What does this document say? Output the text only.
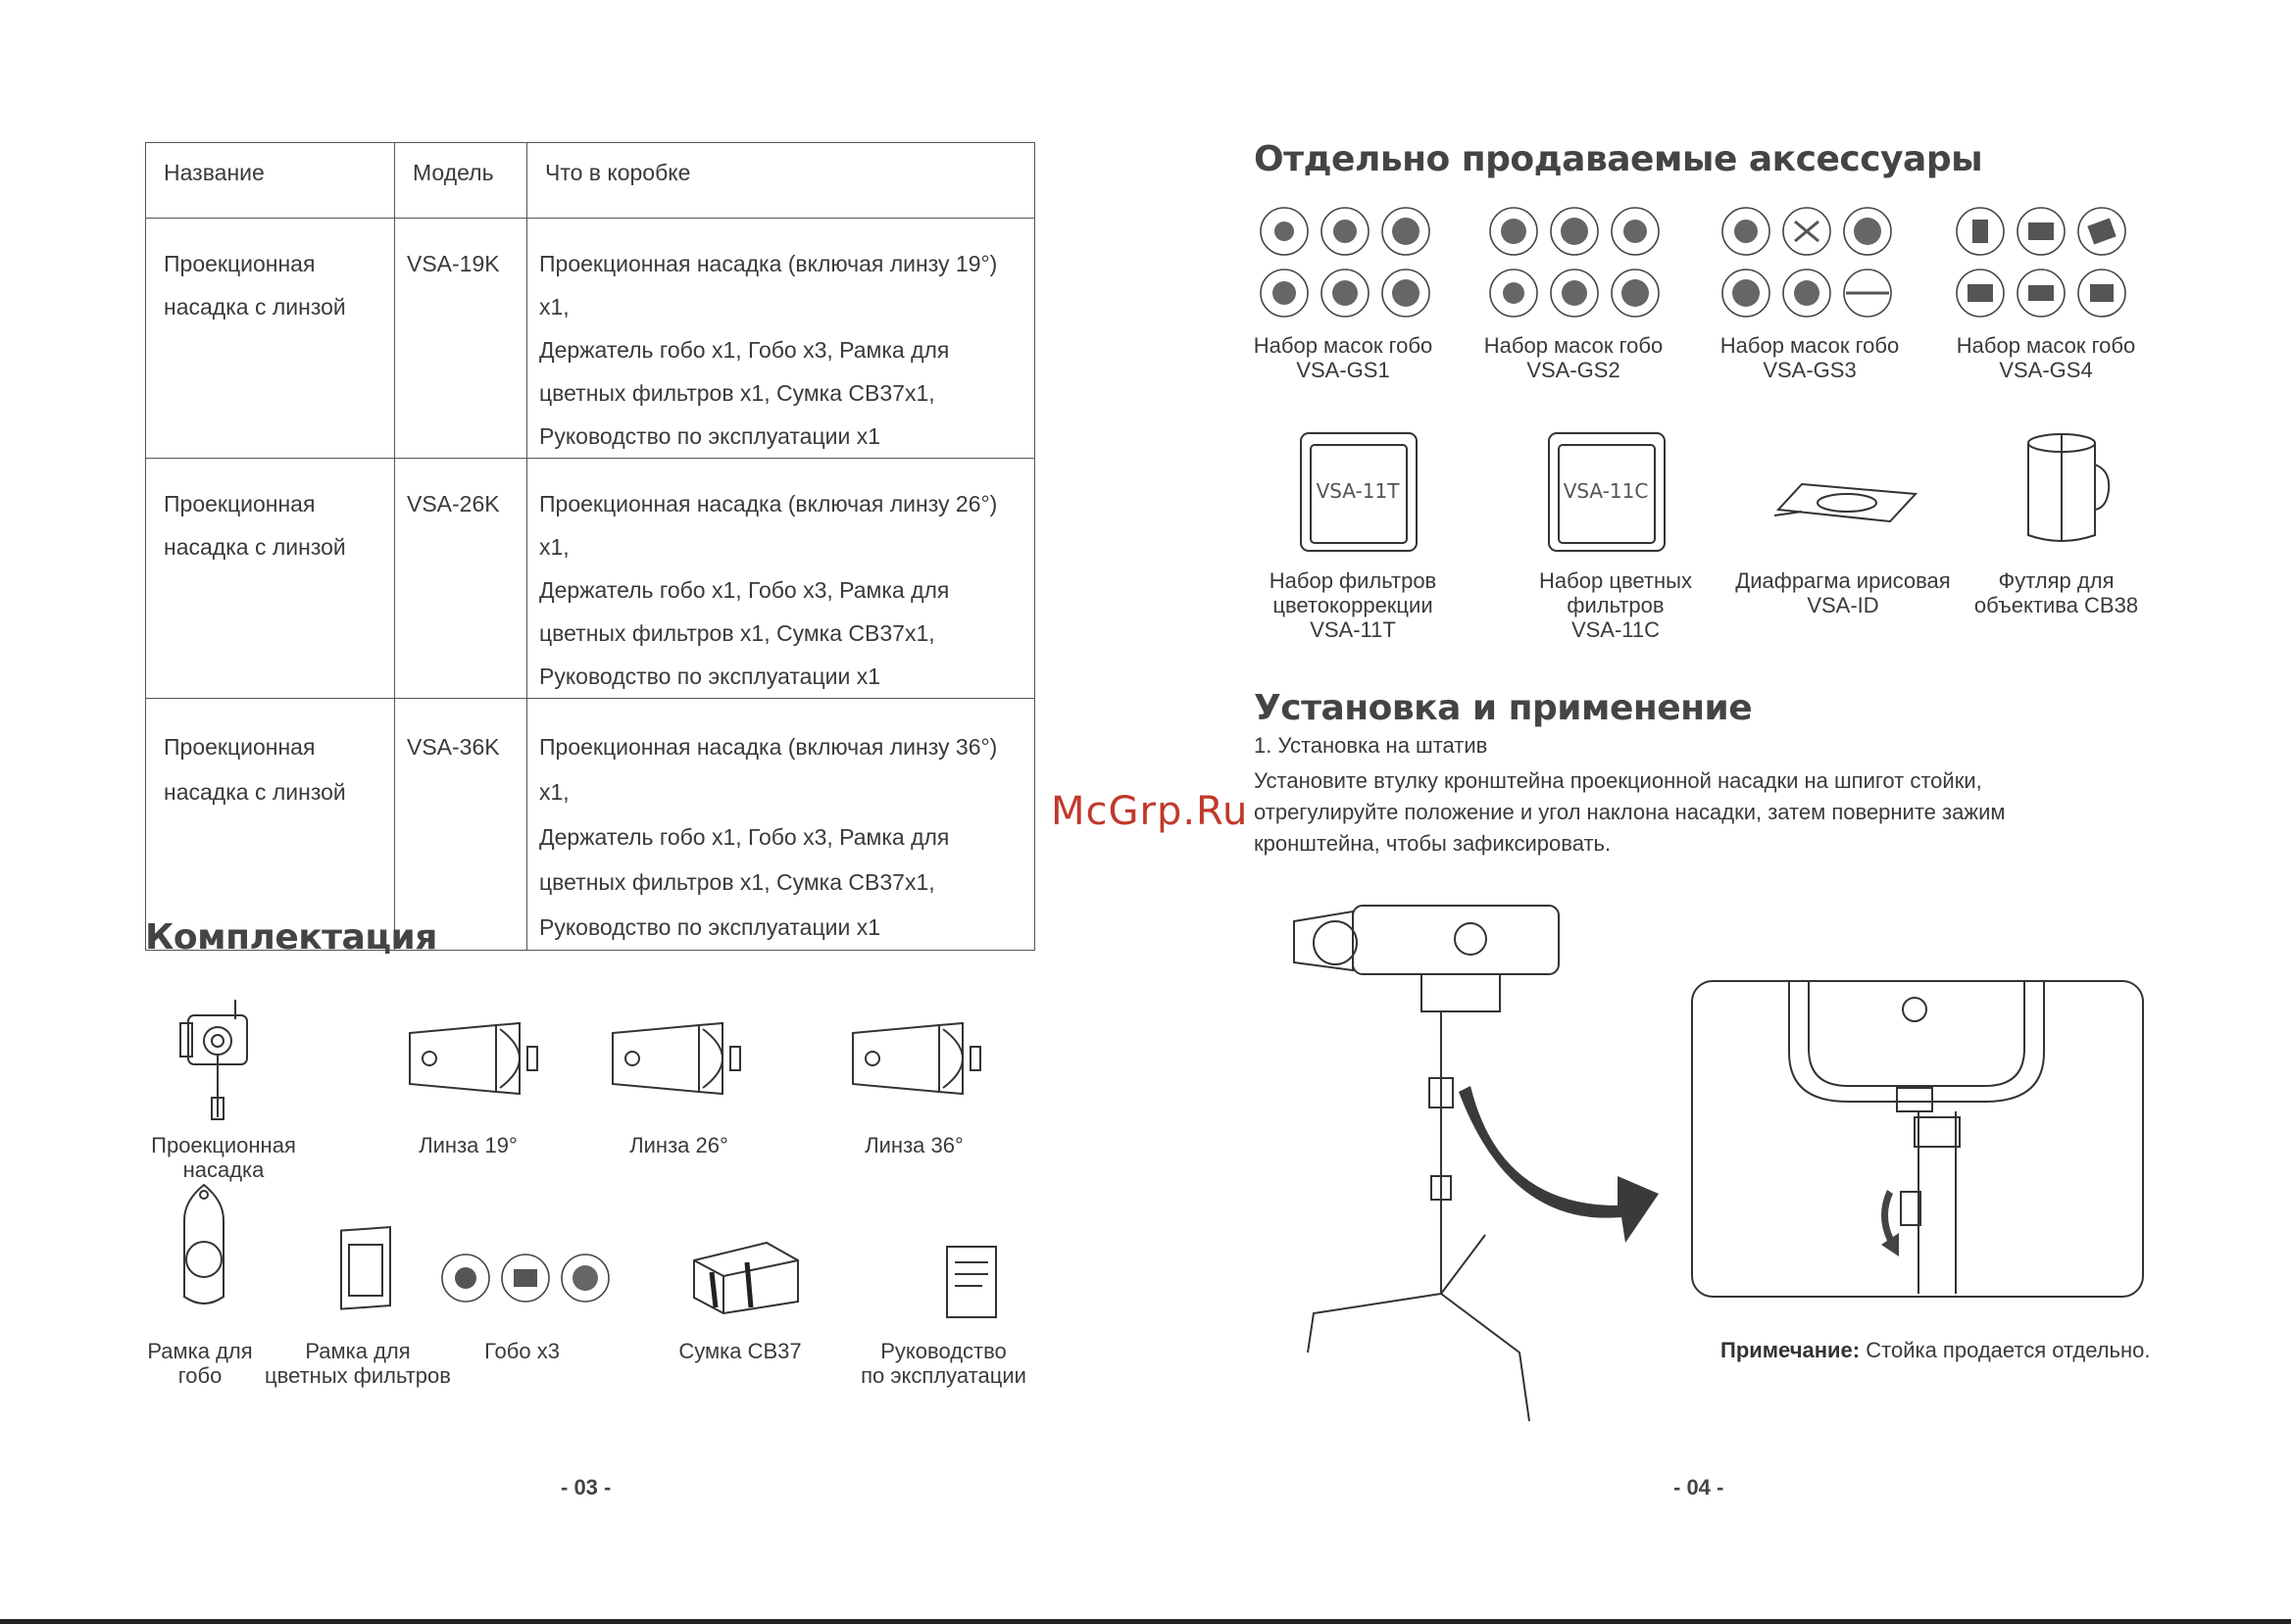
Название	Модель	Что в коробке
Проекционная
насадка с линзой	VSA-19K	Проекционная насадка (включая линзу 19°) x1,
Держатель гобо x1, Гобо x3, Рамка для
цветных фильтров x1, Сумка CB37x1,
Руководство по эксплуатации x1
Проекционная
насадка с линзой	VSA-26K	Проекционная насадка (включая линзу 26°) x1,
Держатель гобо x1, Гобо x3, Рамка для
цветных фильтров x1, Сумка CB37x1,
Руководство по эксплуатации x1
Проекционная
насадка с линзой	VSA-36K	Проекционная насадка (включая линзу 36°) x1,
Держатель гобо x1, Гобо x3, Рамка для
цветных фильтров x1, Сумка CB37x1,
Руководство по эксплуатации x1
Комплектация
Проекционная
насадка
Линза 19°	Линза 26°	Линза 36°
Рамка для
гобо
Рамка для
цветных фильтров
Гобо x3	Сумка CB37	Руководство
по эксплуатации
- 03 -
McGrp.Ru
Отдельно продаваемые аксессуары
Набор масок гобо
VSA-GS1
Набор масок гобо
VSA-GS2
Набор масок гобо
VSA-GS3
Набор масок гобо
VSA-GS4
VSA-11T	VSA-11C
Набор фильтров
цветокоррекции
VSA-11T
Набор цветных
фильтров
VSA-11C
Диафрагма ирисовая
VSA-ID
Футляр для
объектива CB38
Установка и применение
1. Установка на штатив
Установите втулку кронштейна проекционной насадки на шпигот стойки,
отрегулируйте положение и угол наклона насадки, затем поверните зажим
кронштейна, чтобы зафиксировать.
Примечание: Стойка продается отдельно.
- 04 -
